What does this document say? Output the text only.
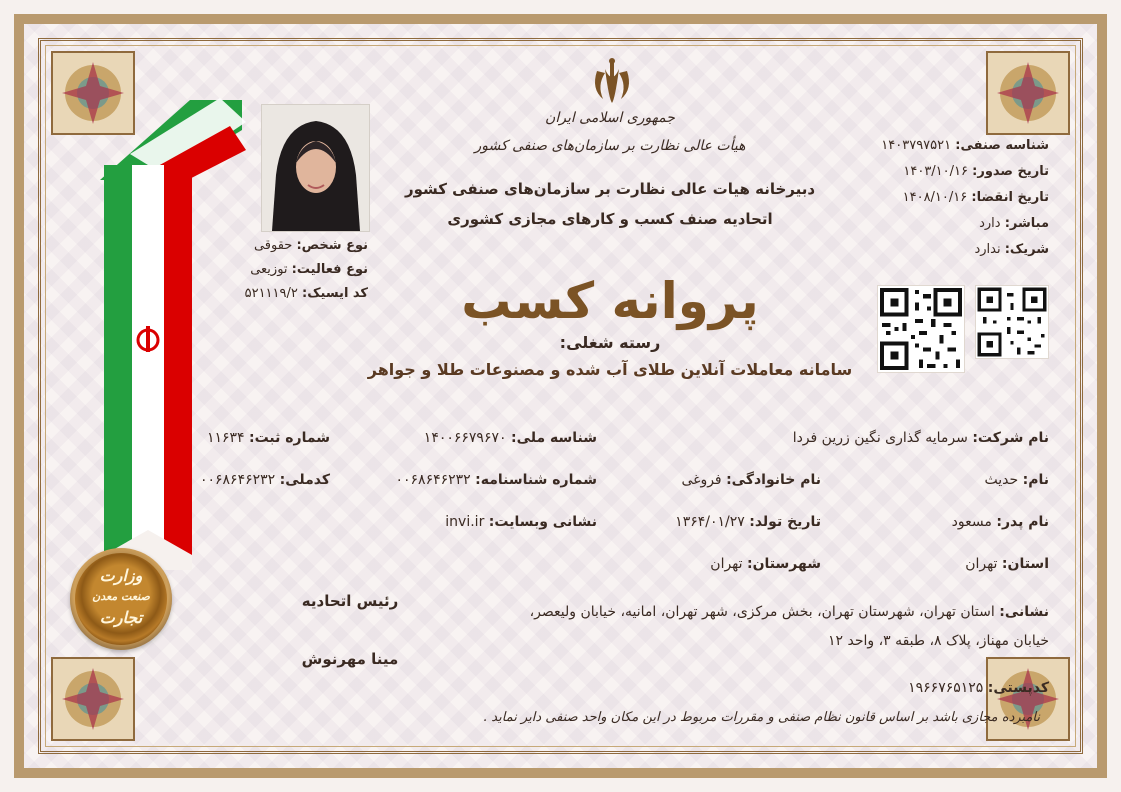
وزارت
صنعت معدن
تجارت
نوع شخص: حقوقی
نوع فعالیت: توزیعی
کد ایسیک: ۵۲۱۱۱۹/۲
جمهوری اسلامی ایران
هیأت عالی نظارت بر سازمان‌های صنفی کشور
دبیرخانه هیات عالی نظارت بر سازمان‌های صنفی کشور
اتحادیه صنف کسب و کارهای مجازی کشوری
پروانه کسب
رسته شغلی:
سامانه معاملات آنلاین طلای آب شده و مصنوعات طلا و جواهر
شناسه صنفی: ۱۴۰۳۷۹۷۵۲۱
تاریخ صدور: ۱۴۰۳/۱۰/۱۶
تاریخ انقضا: ۱۴۰۸/۱۰/۱۶
مباشر: دارد
شریک: ندارد
نام شرکت: سرمایه گذاری نگین زرین فردا
شناسه ملی: ۱۴۰۰۶۶۷۹۶۷۰
شماره ثبت: ۱۱۶۳۴
نام: حدیث
نام خانوادگی: فروغی
شماره شناسنامه: ۰۰۶۸۶۴۶۲۳۲
کدملی: ۰۰۶۸۶۴۶۲۳۲
نام پدر: مسعود
تاریخ تولد: ۱۳۶۴/۰۱/۲۷
نشانی وبسایت: invi.ir
استان: تهران
شهرستان: تهران
نشانی: استان تهران، شهرستان تهران، بخش مرکزی، شهر تهران، امانیه، خیابان ولیعصر،
خیابان مهناز، پلاک ۸، طبقه ۳، واحد ۱۲
کدپستی: ۱۹۶۶۷۶۵۱۲۵
رئیس اتحادیه
مینا مهرنوش
نامبرده مجازی باشد بر اساس قانون نظام صنفی و مقررات مربوط در این مکان واحد صنفی دایر نماید .
